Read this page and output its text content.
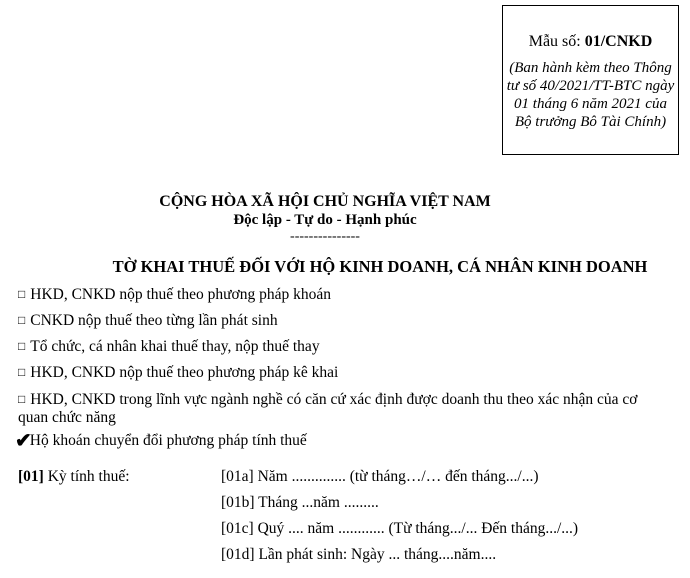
Mẫu số: 01/CNKD
(Ban hành kèm theo Thông tư số 40/2021/TT-BTC ngày 01 tháng 6 năm 2021 của Bộ trưởng Bô Tài Chính)
CỘNG HÒA XÃ HỘI CHỦ NGHĨA VIỆT NAM
Độc lập - Tự do - Hạnh phúc
---------------
TỜ KHAI THUẾ ĐỐI VỚI HỘ KINH DOANH, CÁ NHÂN KINH DOANH
□ HKD, CNKD nộp thuế theo phương pháp khoán
□ CNKD nộp thuế theo từng lần phát sinh
□ Tổ chức, cá nhân khai thuế thay, nộp thuế thay
□ HKD, CNKD nộp thuế theo phương pháp kê khai
□ HKD, CNKD trong lĩnh vực ngành nghề có căn cứ xác định được doanh thu theo xác nhận của cơ quan chức năng
✔Hộ khoán chuyển đổi phương pháp tính thuế
[01] Kỳ tính thuế:	[01a] Năm .............. (từ tháng…/… đến tháng.../...)
[01b] Tháng ...năm .........
[01c] Quý .... năm ............ (Từ tháng.../... Đến tháng.../...)
[01d] Lần phát sinh: Ngày ... tháng....năm....
